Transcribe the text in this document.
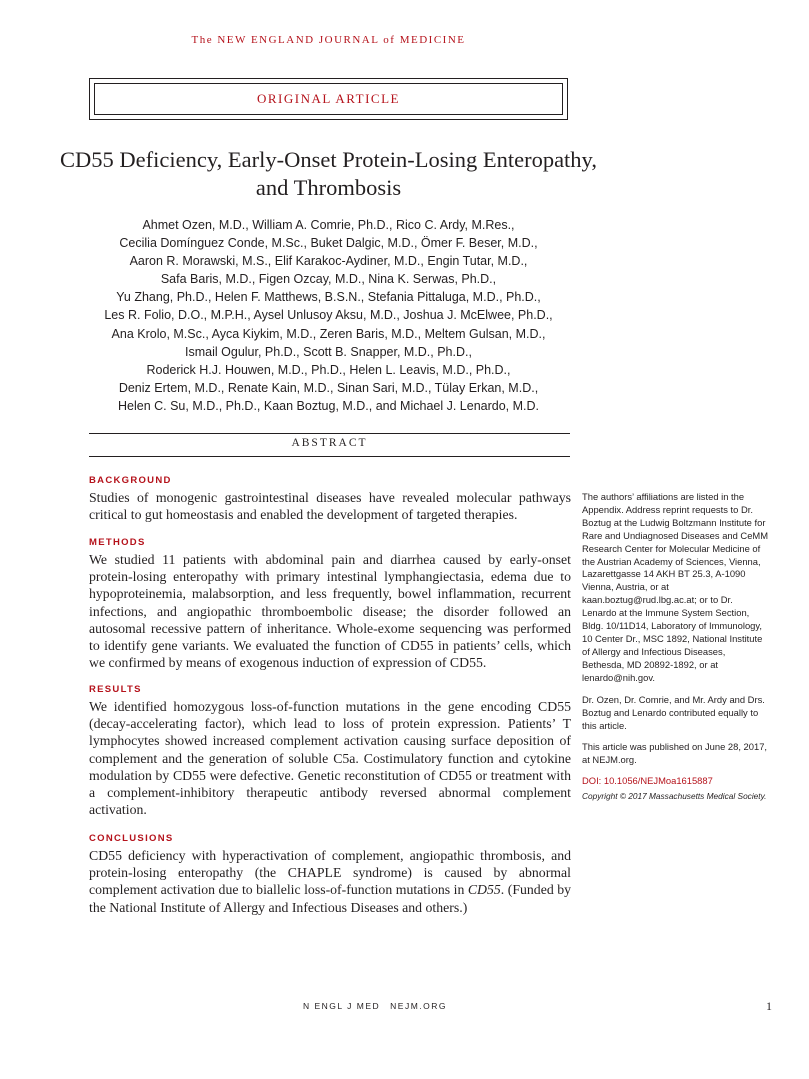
The NEW ENGLAND JOURNAL of MEDICINE
ORIGINAL ARTICLE
CD55 Deficiency, Early-Onset Protein-Losing Enteropathy, and Thrombosis
Ahmet Ozen, M.D., William A. Comrie, Ph.D., Rico C. Ardy, M.Res.,
Cecilia Domínguez Conde, M.Sc., Buket Dalgic, M.D., Ömer F. Beser, M.D.,
Aaron R. Morawski, M.S., Elif Karakoc-Aydiner, M.D., Engin Tutar, M.D.,
Safa Baris, M.D., Figen Ozcay, M.D., Nina K. Serwas, Ph.D.,
Yu Zhang, Ph.D., Helen F. Matthews, B.S.N., Stefania Pittaluga, M.D., Ph.D.,
Les R. Folio, D.O., M.P.H., Aysel Unlusoy Aksu, M.D., Joshua J. McElwee, Ph.D.,
Ana Krolo, M.Sc., Ayca Kiykim, M.D., Zeren Baris, M.D., Meltem Gulsan, M.D.,
Ismail Ogulur, Ph.D., Scott B. Snapper, M.D., Ph.D.,
Roderick H.J. Houwen, M.D., Ph.D., Helen L. Leavis, M.D., Ph.D.,
Deniz Ertem, M.D., Renate Kain, M.D., Sinan Sari, M.D., Tülay Erkan, M.D.,
Helen C. Su, M.D., Ph.D., Kaan Boztug, M.D., and Michael J. Lenardo, M.D.
ABSTRACT
BACKGROUND
Studies of monogenic gastrointestinal diseases have revealed molecular pathways critical to gut homeostasis and enabled the development of targeted therapies.
METHODS
We studied 11 patients with abdominal pain and diarrhea caused by early-onset protein-losing enteropathy with primary intestinal lymphangiectasia, edema due to hypoproteinemia, malabsorption, and less frequently, bowel inflammation, recurrent infections, and angiopathic thromboembolic disease; the disorder followed an autosomal recessive pattern of inheritance. Whole-exome sequencing was performed to identify gene variants. We evaluated the function of CD55 in patients’ cells, which we confirmed by means of exogenous induction of expression of CD55.
RESULTS
We identified homozygous loss-of-function mutations in the gene encoding CD55 (decay-accelerating factor), which lead to loss of protein expression. Patients’ T lymphocytes showed increased complement activation causing surface deposition of complement and the generation of soluble C5a. Costimulatory function and cytokine modulation by CD55 were defective. Genetic reconstitution of CD55 or treatment with a complement-inhibitory therapeutic antibody reversed abnormal complement activation.
CONCLUSIONS
CD55 deficiency with hyperactivation of complement, angiopathic thrombosis, and protein-losing enteropathy (the CHAPLE syndrome) is caused by abnormal complement activation due to biallelic loss-of-function mutations in CD55. (Funded by the National Institute of Allergy and Infectious Diseases and others.)
The authors’ affiliations are listed in the Appendix. Address reprint requests to Dr. Boztug at the Ludwig Boltzmann Institute for Rare and Undiagnosed Diseases and CeMM Research Center for Molecular Medicine of the Austrian Academy of Sciences, Vienna, Lazarettgasse 14 AKH BT 25.3, A-1090 Vienna, Austria, or at kaan.boztug@rud.lbg.ac.at; or to Dr. Lenardo at the Immune System Section, Bldg. 10/11D14, Laboratory of Immunology, 10 Center Dr., MSC 1892, National Institute of Allergy and Infectious Diseases, Bethesda, MD 20892-1892, or at lenardo@nih.gov.
Dr. Ozen, Dr. Comrie, and Mr. Ardy and Drs. Boztug and Lenardo contributed equally to this article.
This article was published on June 28, 2017, at NEJM.org.
DOI: 10.1056/NEJMoa1615887
Copyright © 2017 Massachusetts Medical Society.
N ENGL J MED NEJM.ORG	1
